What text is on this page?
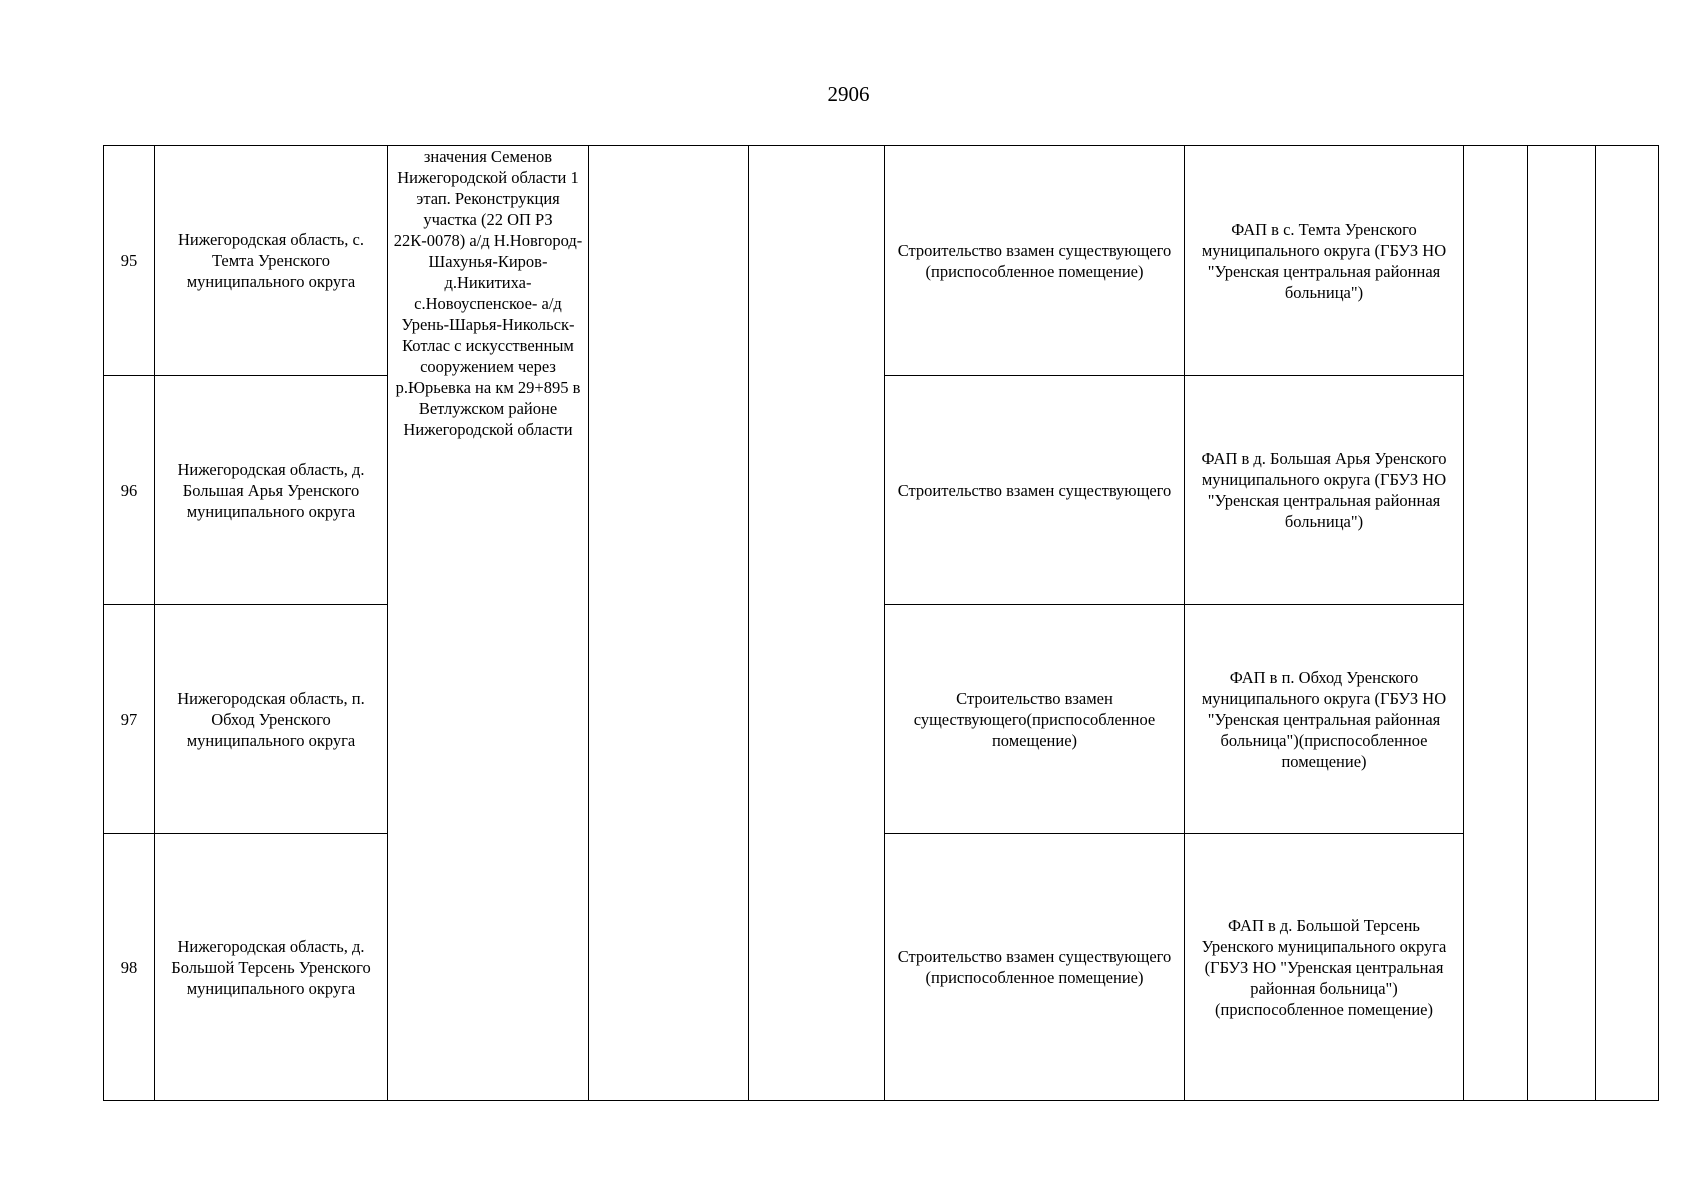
2906
95	Нижегородская область, с. Темта Уренского муниципального округа	значения Семенов Нижегородской области 1 этап. Реконструкция участка (22 ОП РЗ 22К-0078) а/д Н.Новгород-Шахунья-Киров-д.Никитиха-с.Новоуспенское- а/д Урень-Шарья-Никольск-Котлас с искусственным сооружением через р.Юрьевка на км 29+895 в Ветлужском районе Нижегородской области			Строительство взамен существующего (приспособленное помещение)	ФАП в с. Темта Уренского муниципального округа (ГБУЗ НО "Уренская центральная районная больница")			
96	Нижегородская область, д. Большая Арья Уренского муниципального округа				Строительство взамен существующего	ФАП в д. Большая Арья Уренского муниципального округа (ГБУЗ НО "Уренская центральная районная больница")			
97	Нижегородская область, п. Обход Уренского муниципального округа				Строительство взамен существующего(приспособленное помещение)	ФАП в п. Обход Уренского муниципального округа (ГБУЗ НО "Уренская центральная районная больница")(приспособленное помещение)			
98	Нижегородская область, д. Большой Терсень Уренского муниципального округа				Строительство взамен существующего (приспособленное помещение)	ФАП в д. Большой Терсень Уренского муниципального округа (ГБУЗ НО "Уренская центральная районная больница") (приспособленное помещение)			
